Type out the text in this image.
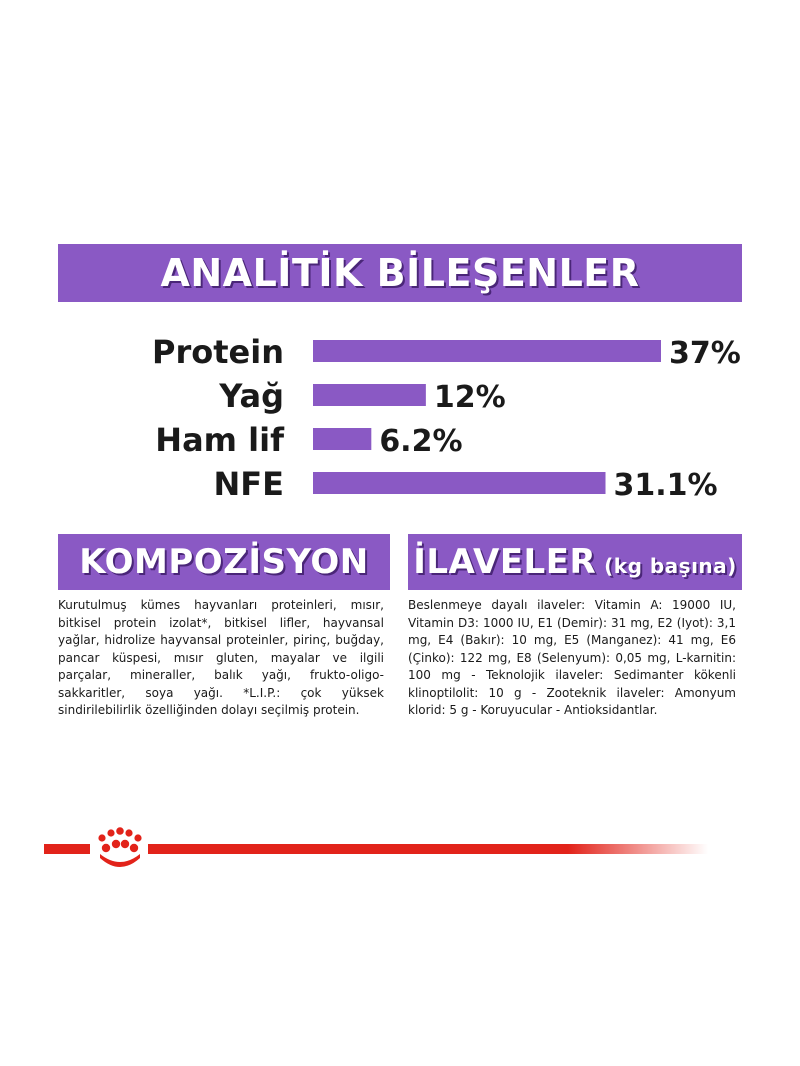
ANALİTİK BİLEŞENLER
Protein	37%
Yağ	12%
Ham lif	6.2%
NFE	31.1%
KOMPOZİSYON

Kurutulmuş kümes hayvanları proteinleri, mısır, bitkisel protein izolat*, bitkisel lifler, hayvansal yağlar, hidrolize hayvansal proteinler, pirinç, buğday, pancar küspesi, mısır gluten, mayalar ve ilgili parçalar, mineraller, balık yağı, frukto-oligo-sakkaritler, soya yağı. *L.I.P.: çok yüksek sindirilebilirlik özelliğinden dolayı seçilmiş protein.

İLAVELER (kg başına)

Beslenmeye dayalı ilaveler: Vitamin A: 19000 IU, Vitamin D3: 1000 IU, E1 (Demir): 31 mg, E2 (Iyot): 3,1 mg, E4 (Bakır): 10 mg, E5 (Manganez): 41 mg, E6 (Çinko): 122 mg, E8 (Selenyum): 0,05 mg, L-karnitin: 100 mg - Teknolojik ilaveler: Sedimanter kökenli klinoptilolit: 10 g - Zooteknik ilaveler: Amonyum klorid: 5 g - Koruyucular - Antioksidantlar.
